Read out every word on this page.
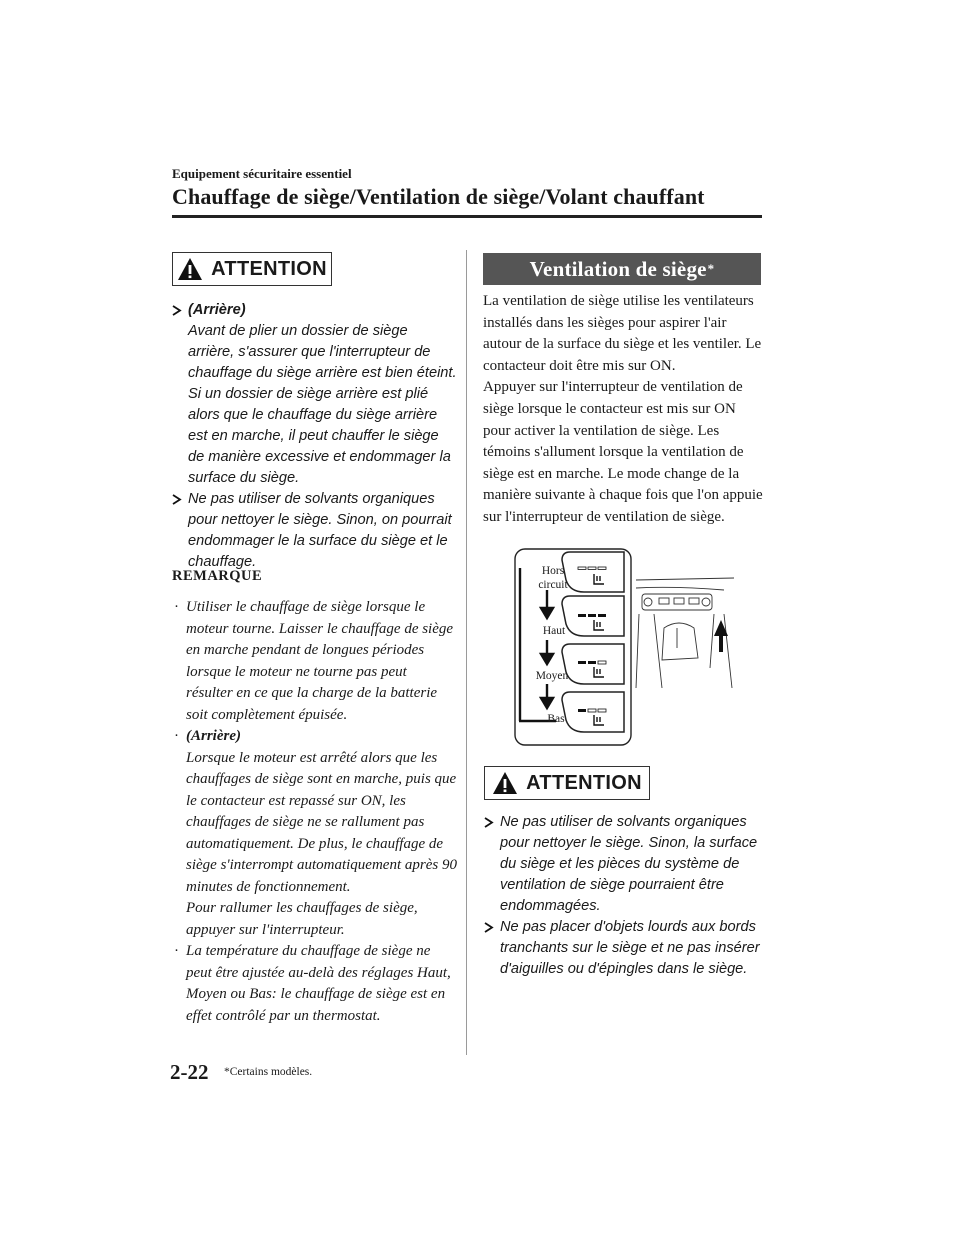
Equipement sécuritaire essentiel
Chauffage de siège/Ventilation de siège/Volant chauffant
ATTENTION
(Arrière)
Avant de plier un dossier de siège arrière, s'assurer que l'interrupteur de chauffage du siège arrière est bien éteint. Si un dossier de siège arrière est plié alors que le chauffage du siège arrière est en marche, il peut chauffer le siège de manière excessive et endommager la surface du siège.
Ne pas utiliser de solvants organiques pour nettoyer le siège. Sinon, on pourrait endommager le la surface du siège et le chauffage.
REMARQUE
· Utiliser le chauffage de siège lorsque le moteur tourne. Laisser le chauffage de siège en marche pendant de longues périodes lorsque le moteur ne tourne pas peut résulter en ce que la charge de la batterie soit complètement épuisée.
· (Arrière)
Lorsque le moteur est arrêté alors que les chauffages de siège sont en marche, puis que le contacteur est repassé sur ON, les chauffages de siège ne se rallument pas automatiquement. De plus, le chauffage de siège s'interrompt automatiquement après 90 minutes de fonctionnement.
Pour rallumer les chauffages de siège, appuyer sur l'interrupteur.
· La température du chauffage de siège ne peut être ajustée au-delà des réglages Haut, Moyen ou Bas: le chauffage de siège est en effet contrôlé par un thermostat.
Ventilation de siège *
La ventilation de siège utilise les ventilateurs installés dans les sièges pour aspirer l'air autour de la surface du siège et les ventiler. Le contacteur doit être mis sur ON.
Appuyer sur l'interrupteur de ventilation de siège lorsque le contacteur est mis sur ON pour activer la ventilation de siège. Les témoins s'allument lorsque la ventilation de siège est en marche. Le mode change de la manière suivante à chaque fois que l'on appuie sur l'interrupteur de ventilation de siège.
Hors
circuit
Haut
Moyen
Bas
ATTENTION
Ne pas utiliser de solvants organiques pour nettoyer le siège. Sinon, la surface du siège et les pièces du système de ventilation de siège pourraient être endommagées.
Ne pas placer d'objets lourds aux bords tranchants sur le siège et ne pas insérer d'aiguilles ou d'épingles dans le siège.
2-22 *Certains modèles.
